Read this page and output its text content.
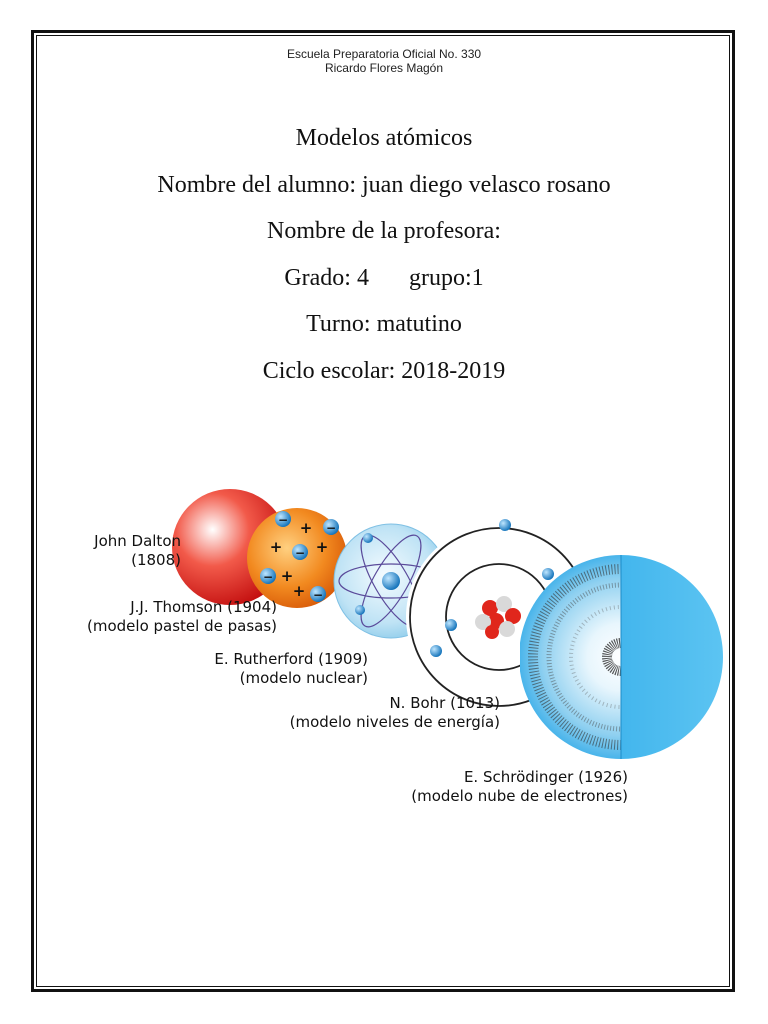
Escuela Preparatoria Oficial No. 330
Ricardo Flores Magón
Modelos atómicos
Nombre del alumno: juan diego velasco rosano
Nombre de la profesora:
Grado: 4 grupo:1
Turno: matutino
Ciclo escolar: 2018-2019
−
−
−
−
−
+
+ +
+
+
John Dalton
(1808)
J.J. Thomson (1904)
(modelo pastel de pasas)
E. Rutherford (1909)
(modelo nuclear)
N. Bohr (1013)
(modelo niveles de energía)
E. Schrödinger (1926)
(modelo nube de electrones)
